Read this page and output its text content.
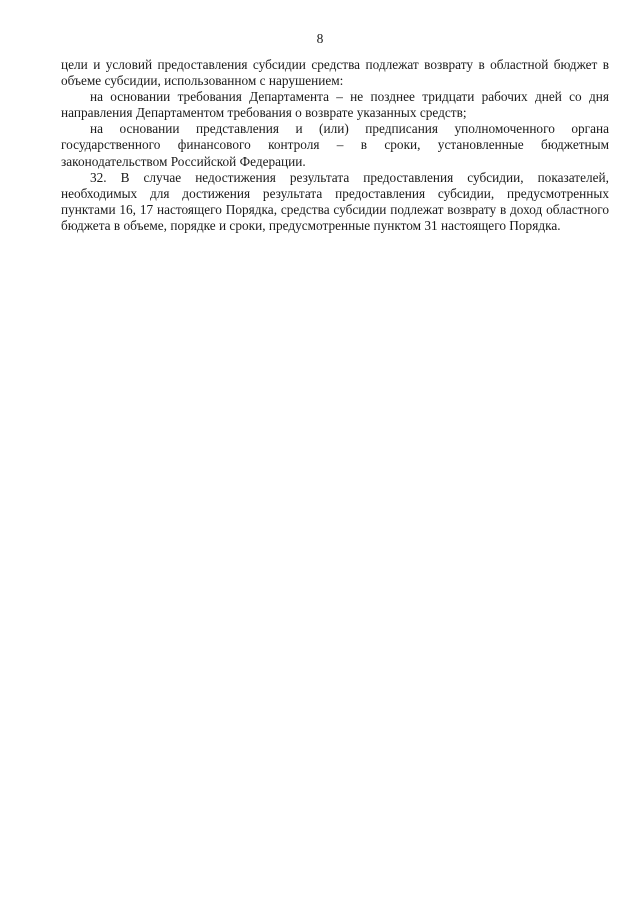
8

цели и условий предоставления субсидии средства подлежат возврату в областной бюджет в объеме субсидии, использованном с нарушением:

на основании требования Департамента – не позднее тридцати рабочих дней со дня направления Департаментом требования о возврате указанных средств;

на основании представления и (или) предписания уполномоченного органа государственного финансового контроля – в сроки, установленные бюджетным законодательством Российской Федерации.

32. В случае недостижения результата предоставления субсидии, показателей, необходимых для достижения результата предоставления субсидии, предусмотренных пунктами 16, 17 настоящего Порядка, средства субсидии подлежат возврату в доход областного бюджета в объеме, порядке и сроки, предусмотренные пунктом 31 настоящего Порядка.
